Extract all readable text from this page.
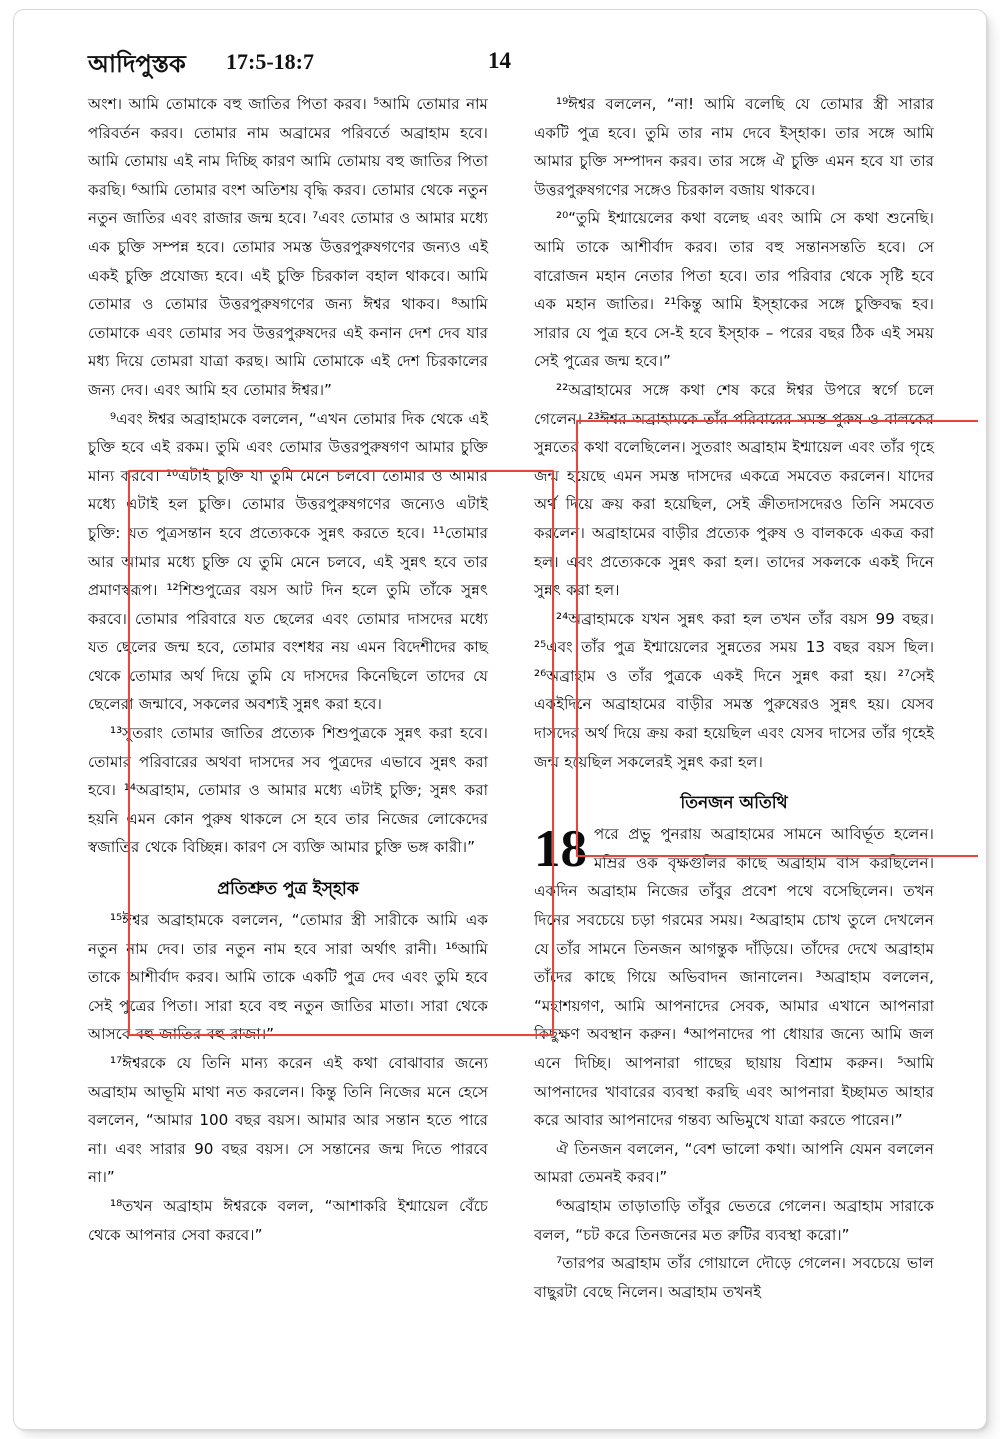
আদিপুস্তক 17:5-18:7	14

অংশ। আমি তোমাকে বহু জাতির পিতা করব। ⁵আমি তোমার নাম পরিবর্তন করব। তোমার নাম অব্রামের পরিবর্তে অব্রাহাম হবে। আমি তোমায় এই নাম দিচ্ছি কারণ আমি তোমায় বহু জাতির পিতা করছি। ⁶আমি তোমার বংশ অতিশয় বৃদ্ধি করব। তোমার থেকে নতুন নতুন জাতির এবং রাজার জন্ম হবে। ⁷এবং তোমার ও আমার মধ্যে এক চুক্তি সম্পন্ন হবে। তোমার সমস্ত উত্তরপুরুষগণের জন্যও এই একই চুক্তি প্রযোজ্য হবে। এই চুক্তি চিরকাল বহাল থাকবে। আমি তোমার ও তোমার উত্তরপুরুষগণের জন্য ঈশ্বর থাকব। ⁸আমি তোমাকে এবং তোমার সব উত্তরপুরুষদের এই কনান দেশ দেব যার মধ্য দিয়ে তোমরা যাত্রা করছ। আমি তোমাকে এই দেশ চিরকালের জন্য দেব। এবং আমি হব তোমার ঈশ্বর।”

⁹এবং ঈশ্বর অব্রাহামকে বললেন, “এখন তোমার দিক থেকে এই চুক্তি হবে এই রকম। তুমি এবং তোমার উত্তরপুরুষগণ আমার চুক্তি মান্য করবে। ¹⁰এটাই চুক্তি যা তুমি মেনে চলবে। তোমার ও আমার মধ্যে এটাই হল চুক্তি। তোমার উত্তরপুরুষগণের জন্যেও এটাই চুক্তি: যত পুত্রসন্তান হবে প্রত্যেককে সুন্নৎ করতে হবে। ¹¹তোমার আর আমার মধ্যে চুক্তি যে তুমি মেনে চলবে, এই সুন্নৎ হবে তার প্রমাণস্বরূপ। ¹²শিশুপুত্রের বয়স আট দিন হলে তুমি তাঁকে সুন্নৎ করবে। তোমার পরিবারে যত ছেলের এবং তোমার দাসদের মধ্যে যত ছেলের জন্ম হবে, তোমার বংশধর নয় এমন বিদেশীদের কাছ থেকে তোমার অর্থ দিয়ে তুমি যে দাসদের কিনেছিলে তাদের যে ছেলেরা জন্মাবে, সকলের অবশ্যই সুন্নৎ করা হবে।

¹³সুতরাং তোমার জাতির প্রত্যেক শিশুপুত্রকে সুন্নৎ করা হবে। তোমার পরিবারের অথবা দাসদের সব পুত্রদের এভাবে সুন্নৎ করা হবে। ¹⁴অব্রাহাম, তোমার ও আমার মধ্যে এটাই চুক্তি; সুন্নৎ করা হয়নি এমন কোন পুরুষ থাকলে সে হবে তার নিজের লোকেদের স্বজাতির থেকে বিচ্ছিন্ন। কারণ সে ব্যক্তি আমার চুক্তি ভঙ্গ কারী।”

প্রতিশ্রুত পুত্র ইস্হাক

¹⁵ঈশ্বর অব্রাহামকে বললেন, “তোমার স্ত্রী সারীকে আমি এক নতুন নাম দেব। তার নতুন নাম হবে সারা অর্থাৎ রানী। ¹⁶আমি তাকে আশীর্বাদ করব। আমি তাকে একটি পুত্র দেব এবং তুমি হবে সেই পুত্রের পিতা। সারা হবে বহু নতুন জাতির মাতা। সারা থেকে আসবে বহু জাতির বহু রাজা।”

¹⁷ঈশ্বরকে যে তিনি মান্য করেন এই কথা বোঝাবার জন্যে অব্রাহাম আভূমি মাথা নত করলেন। কিন্তু তিনি নিজের মনে হেসে বললেন, “আমার 100 বছর বয়স। আমার আর সন্তান হতে পারে না। এবং সারার 90 বছর বয়স। সে সন্তানের জন্ম দিতে পারবে না।”

¹⁸তখন অব্রাহাম ঈশ্বরকে বলল, “আশাকরি ইশ্মায়েল বেঁচে থেকে আপনার সেবা করবে।”

¹⁹ঈশ্বর বললেন, “না! আমি বলেছি যে তোমার স্ত্রী সারার একটি পুত্র হবে। তুমি তার নাম দেবে ইস্হাক। তার সঙ্গে আমি আমার চুক্তি সম্পাদন করব। তার সঙ্গে ঐ চুক্তি এমন হবে যা তার উত্তরপুরুষগণের সঙ্গেও চিরকাল বজায় থাকবে।

²⁰“তুমি ইশ্মায়েলের কথা বলেছ এবং আমি সে কথা শুনেছি। আমি তাকে আশীর্বাদ করব। তার বহু সন্তানসন্ততি হবে। সে বারোজন মহান নেতার পিতা হবে। তার পরিবার থেকে সৃষ্টি হবে এক মহান জাতির। ²¹কিন্তু আমি ইস্হাকের সঙ্গে চুক্তিবদ্ধ হব। সারার যে পুত্র হবে সে-ই হবে ইস্হাক – পরের বছর ঠিক এই সময় সেই পুত্রের জন্ম হবে।”

²²অব্রাহামের সঙ্গে কথা শেষ করে ঈশ্বর উপরে স্বর্গে চলে গেলেন। ²³ঈশ্বর অব্রাহামকে তাঁর পরিবারের সমস্ত পুরুষ ও বালকের সুন্নতের কথা বলেছিলেন। সুতরাং অব্রাহাম ইশ্মায়েল এবং তাঁর গৃহে জন্ম হয়েছে এমন সমস্ত দাসদের একত্রে সমবেত করলেন। যাদের অর্থ দিয়ে ক্রয় করা হয়েছিল, সেই ক্রীতদাসদেরও তিনি সমবেত করলেন। অব্রাহামের বাড়ীর প্রত্যেক পুরুষ ও বালককে একত্র করা হল। এবং প্রত্যেককে সুন্নৎ করা হল। তাদের সকলকে একই দিনে সুন্নৎ করা হল।

²⁴অব্রাহামকে যখন সুন্নৎ করা হল তখন তাঁর বয়স 99 বছর। ²⁵এবং তাঁর পুত্র ইশ্মায়েলের সুন্নতের সময় 13 বছর বয়স ছিল। ²⁶অব্রাহাম ও তাঁর পুত্রকে একই দিনে সুন্নৎ করা হয়। ²⁷সেই একইদিনে অব্রাহামের বাড়ীর সমস্ত পুরুষেরও সুন্নৎ হয়। যেসব দাসদের অর্থ দিয়ে ক্রয় করা হয়েছিল এবং যেসব দাসের তাঁর গৃহেই জন্ম হয়েছিল সকলেরই সুন্নৎ করা হল।

তিনজন অতিথি

18 পরে প্রভু পুনরায় অব্রাহামের সামনে আবির্ভূত হলেন। মম্রির ওক বৃক্ষগুলির কাছে অব্রাহাম বাস করছিলেন। একদিন অব্রাহাম নিজের তাঁবুর প্রবেশ পথে বসেছিলেন। তখন দিনের সবচেয়ে চড়া গরমের সময়। ²অব্রাহাম চোখ তুলে দেখলেন যে তাঁর সামনে তিনজন আগন্তুক দাঁড়িয়ে। তাঁদের দেখে অব্রাহাম তাঁদের কাছে গিয়ে অভিবাদন জানালেন। ³অব্রাহাম বললেন, “মহাশয়গণ, আমি আপনাদের সেবক, আমার এখানে আপনারা কিছুক্ষণ অবস্থান করুন। ⁴আপনাদের পা ধোয়ার জন্যে আমি জল এনে দিচ্ছি। আপনারা গাছের ছায়ায় বিশ্রাম করুন। ⁵আমি আপনাদের খাবারের ব্যবস্থা করছি এবং আপনারা ইচ্ছামত আহার করে আবার আপনাদের গন্তব্য অভিমুখে যাত্রা করতে পারেন।”

ঐ তিনজন বললেন, “বেশ ভালো কথা। আপনি যেমন বললেন আমরা তেমনই করব।”

⁶অব্রাহাম তাড়াতাড়ি তাঁবুর ভেতরে গেলেন। অব্রাহাম সারাকে বলল, “চট করে তিনজনের মত রুটির ব্যবস্থা করো।”

⁷তারপর অব্রাহাম তাঁর গোয়ালে দৌড়ে গেলেন। সবচেয়ে ভাল বাছুরটা বেছে নিলেন। অব্রাহাম তখনই
